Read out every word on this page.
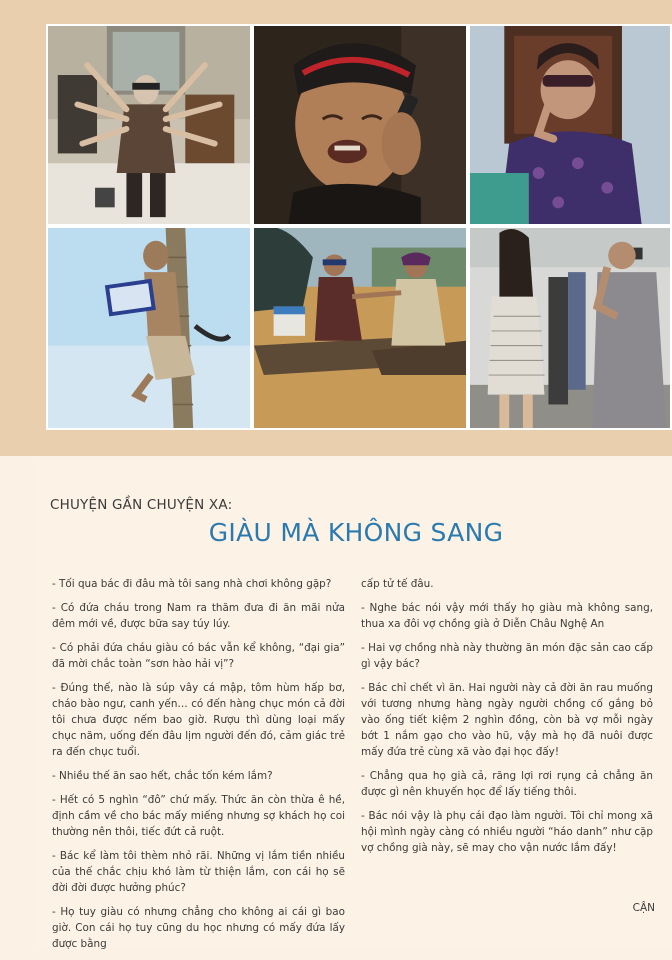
CHUYỆN GẦN CHUYỆN XA:
GIÀU MÀ KHÔNG SANG

- Tối qua bác đi đâu mà tôi sang nhà chơi không gặp?

- Có đứa cháu trong Nam ra thăm đưa đi ăn mãi nửa đêm mới về, được bữa say túy lúy.

- Có phải đứa cháu giàu có bác vẫn kể không, “đại gia” đã mời chắc toàn “sơn hào hải vị”?

- Đúng thế, nào là súp vây cá mập, tôm hùm hấp bơ, cháo bào ngư, canh yến… có đến hàng chục món cả đời tôi chưa được nếm bao giờ. Rượu thì dùng loại mấy chục năm, uống đến đâu lịm người đến đó, cảm giác trẻ ra đến chục tuổi.

- Nhiều thế ăn sao hết, chắc tốn kém lắm?

- Hết có 5 nghìn “đô” chứ mấy. Thức ăn còn thừa ê hề, định cầm về cho bác mấy miếng nhưng sợ khách họ coi thường nên thôi, tiếc đứt cả ruột.

- Bác kể làm tôi thèm nhỏ rãi. Những vị lắm tiền nhiều của thế chắc chịu khó làm từ thiện lắm, con cái họ sẽ đời đời được hưởng phúc?

- Họ tuy giàu có nhưng chẳng cho không ai cái gì bao giờ. Con cái họ tuy cũng du học nhưng có mấy đứa lấy được bằng

cấp tử tế đâu.

- Nghe bác nói vậy mới thấy họ giàu mà không sang, thua xa đôi vợ chồng già ở Diễn Châu Nghệ An

- Hai vợ chồng nhà này thường ăn món đặc sản cao cấp gì vậy bác?

- Bác chỉ chết vì ăn. Hai người này cả đời ăn rau muống với tương nhưng hàng ngày người chồng cố gắng bỏ vào ống tiết kiệm 2 nghìn đồng, còn bà vợ mỗi ngày bớt 1 nắm gạo cho vào hũ, vậy mà họ đã nuôi được mấy đứa trẻ cùng xã vào đại học đấy!

- Chẳng qua họ già cả, răng lợi rơi rụng cả chẳng ăn được gì nên khuyến học để lấy tiếng thôi.

- Bác nói vậy là phụ cái đạo làm người. Tôi chỉ mong xã hội mình ngày càng có nhiều người “háo danh” như cặp vợ chồng già này, sẽ may cho vận nước lắm đấy!

CẬN
